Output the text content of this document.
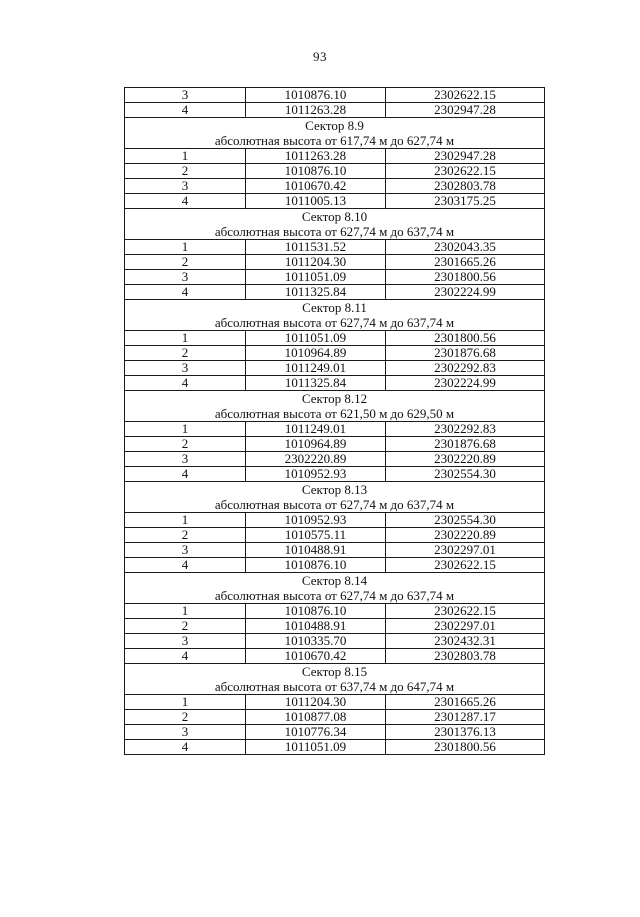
93
3	1010876.10	2302622.15
4	1011263.28	2302947.28

Сектор 8.9
абсолютная высота от 617,74 м до 627,74 м		

1	1011263.28	2302947.28
2	1010876.10	2302622.15
3	1010670.42	2302803.78
4	1011005.13	2303175.25

Сектор 8.10
абсолютная высота от 627,74 м до 637,74 м		

1	1011531.52	2302043.35
2	1011204.30	2301665.26
3	1011051.09	2301800.56
4	1011325.84	2302224.99

Сектор 8.11
абсолютная высота от 627,74 м до 637,74 м		

1	1011051.09	2301800.56
2	1010964.89	2301876.68
3	1011249.01	2302292.83
4	1011325.84	2302224.99

Сектор 8.12
абсолютная высота от 621,50 м до 629,50 м		

1	1011249.01	2302292.83
2	1010964.89	2301876.68
3	2302220.89	2302220.89
4	1010952.93	2302554.30

Сектор 8.13
абсолютная высота от 627,74 м до 637,74 м		

1	1010952.93	2302554.30
2	1010575.11	2302220.89
3	1010488.91	2302297.01
4	1010876.10	2302622.15

Сектор 8.14
абсолютная высота от 627,74 м до 637,74 м		

1	1010876.10	2302622.15
2	1010488.91	2302297.01
3	1010335.70	2302432.31
4	1010670.42	2302803.78

Сектор 8.15
абсолютная высота от 637,74 м до 647,74 м		

1	1011204.30	2301665.26
2	1010877.08	2301287.17
3	1010776.34	2301376.13
4	1011051.09	2301800.56
